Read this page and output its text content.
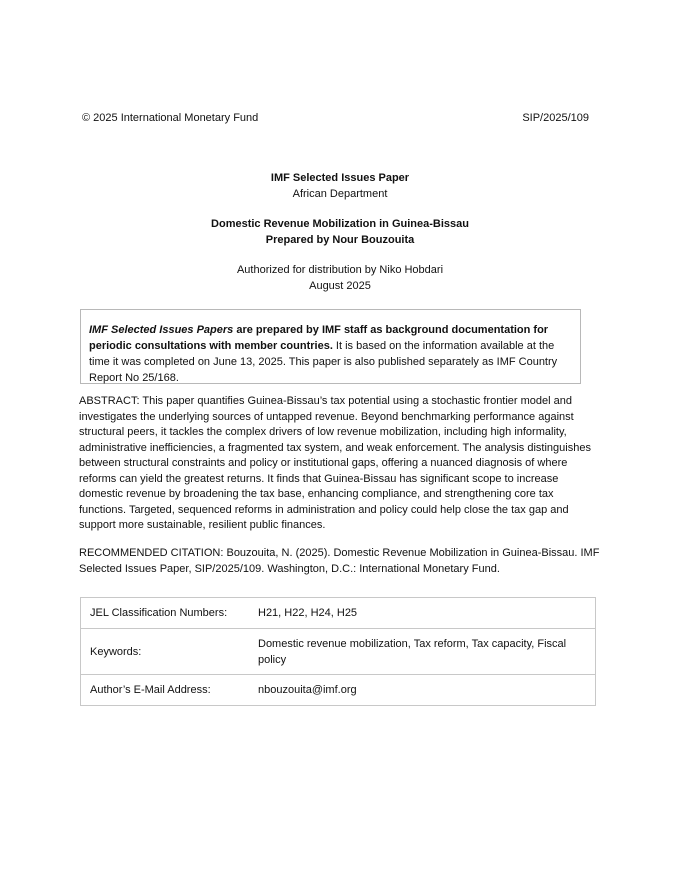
© 2025 International Monetary Fund	SIP/2025/109
IMF Selected Issues Paper
African Department
Domestic Revenue Mobilization in Guinea-Bissau
Prepared by Nour Bouzouita
Authorized for distribution by Niko Hobdari
August 2025
IMF Selected Issues Papers are prepared by IMF staff as background documentation for periodic consultations with member countries. It is based on the information available at the time it was completed on June 13, 2025. This paper is also published separately as IMF Country Report No 25/168.
ABSTRACT: This paper quantifies Guinea-Bissau’s tax potential using a stochastic frontier model and investigates the underlying sources of untapped revenue. Beyond benchmarking performance against structural peers, it tackles the complex drivers of low revenue mobilization, including high informality, administrative inefficiencies, a fragmented tax system, and weak enforcement. The analysis distinguishes between structural constraints and policy or institutional gaps, offering a nuanced diagnosis of where reforms can yield the greatest returns. It finds that Guinea-Bissau has significant scope to increase domestic revenue by broadening the tax base, enhancing compliance, and strengthening core tax functions. Targeted, sequenced reforms in administration and policy could help close the tax gap and support more sustainable, resilient public finances.
RECOMMENDED CITATION: Bouzouita, N. (2025). Domestic Revenue Mobilization in Guinea-Bissau. IMF Selected Issues Paper, SIP/2025/109. Washington, D.C.: International Monetary Fund.
JEL Classification Numbers:	H21, H22, H24, H25
Keywords:	Domestic revenue mobilization, Tax reform, Tax capacity, Fiscal policy
Author’s E-Mail Address:	nbouzouita@imf.org
